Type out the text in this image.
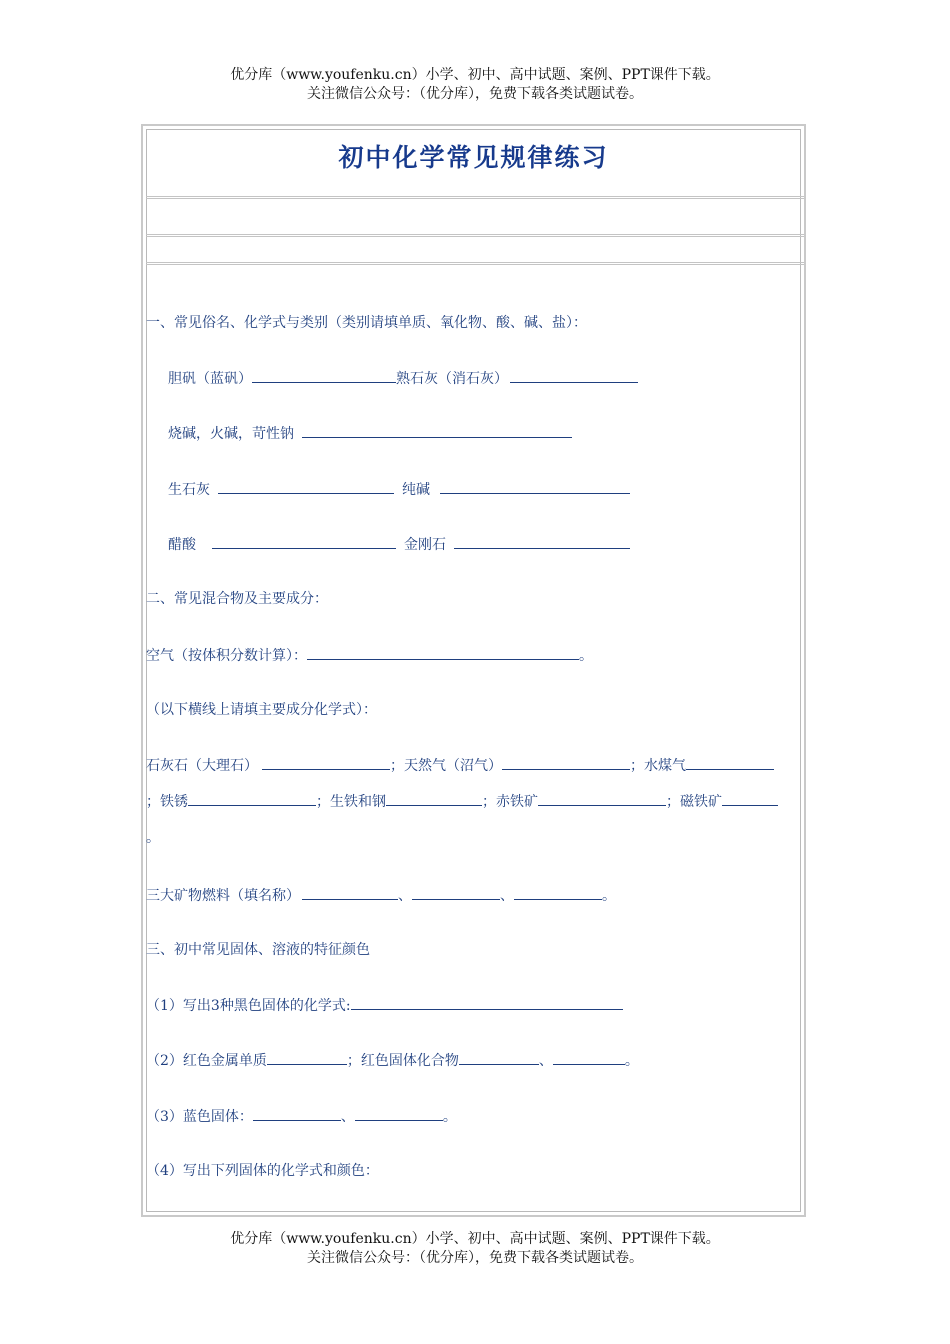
优分库（www.youfenku.cn）小学、初中、高中试题、案例、PPT课件下载。
关注微信公众号：（优分库），免费下载各类试题试卷。
初中化学常见规律练习
一、常见俗名、化学式与类别（类别请填单质、氧化物、酸、碱、盐）：
胆矾（蓝矾）	熟石灰（消石灰）
烧碱，火碱，苛性钠
生石灰	纯碱
醋酸	金刚石
二、常见混合物及主要成分：
空气（按体积分数计算）：	。
（以下横线上请填主要成分化学式）：
石灰石（大理石）	；天然气（沼气）	；水煤气
；铁锈	；生铁和钢	；赤铁矿	；磁铁矿
。
三大矿物燃料（填名称）	、	、	。
三、初中常见固体、溶液的特征颜色
（1）写出3种黑色固体的化学式:
（2）红色金属单质	；红色固体化合物	、	。
（3）蓝色固体：	、	。
（4）写出下列固体的化学式和颜色：
优分库（www.youfenku.cn）小学、初中、高中试题、案例、PPT课件下载。
关注微信公众号：（优分库），免费下载各类试题试卷。
